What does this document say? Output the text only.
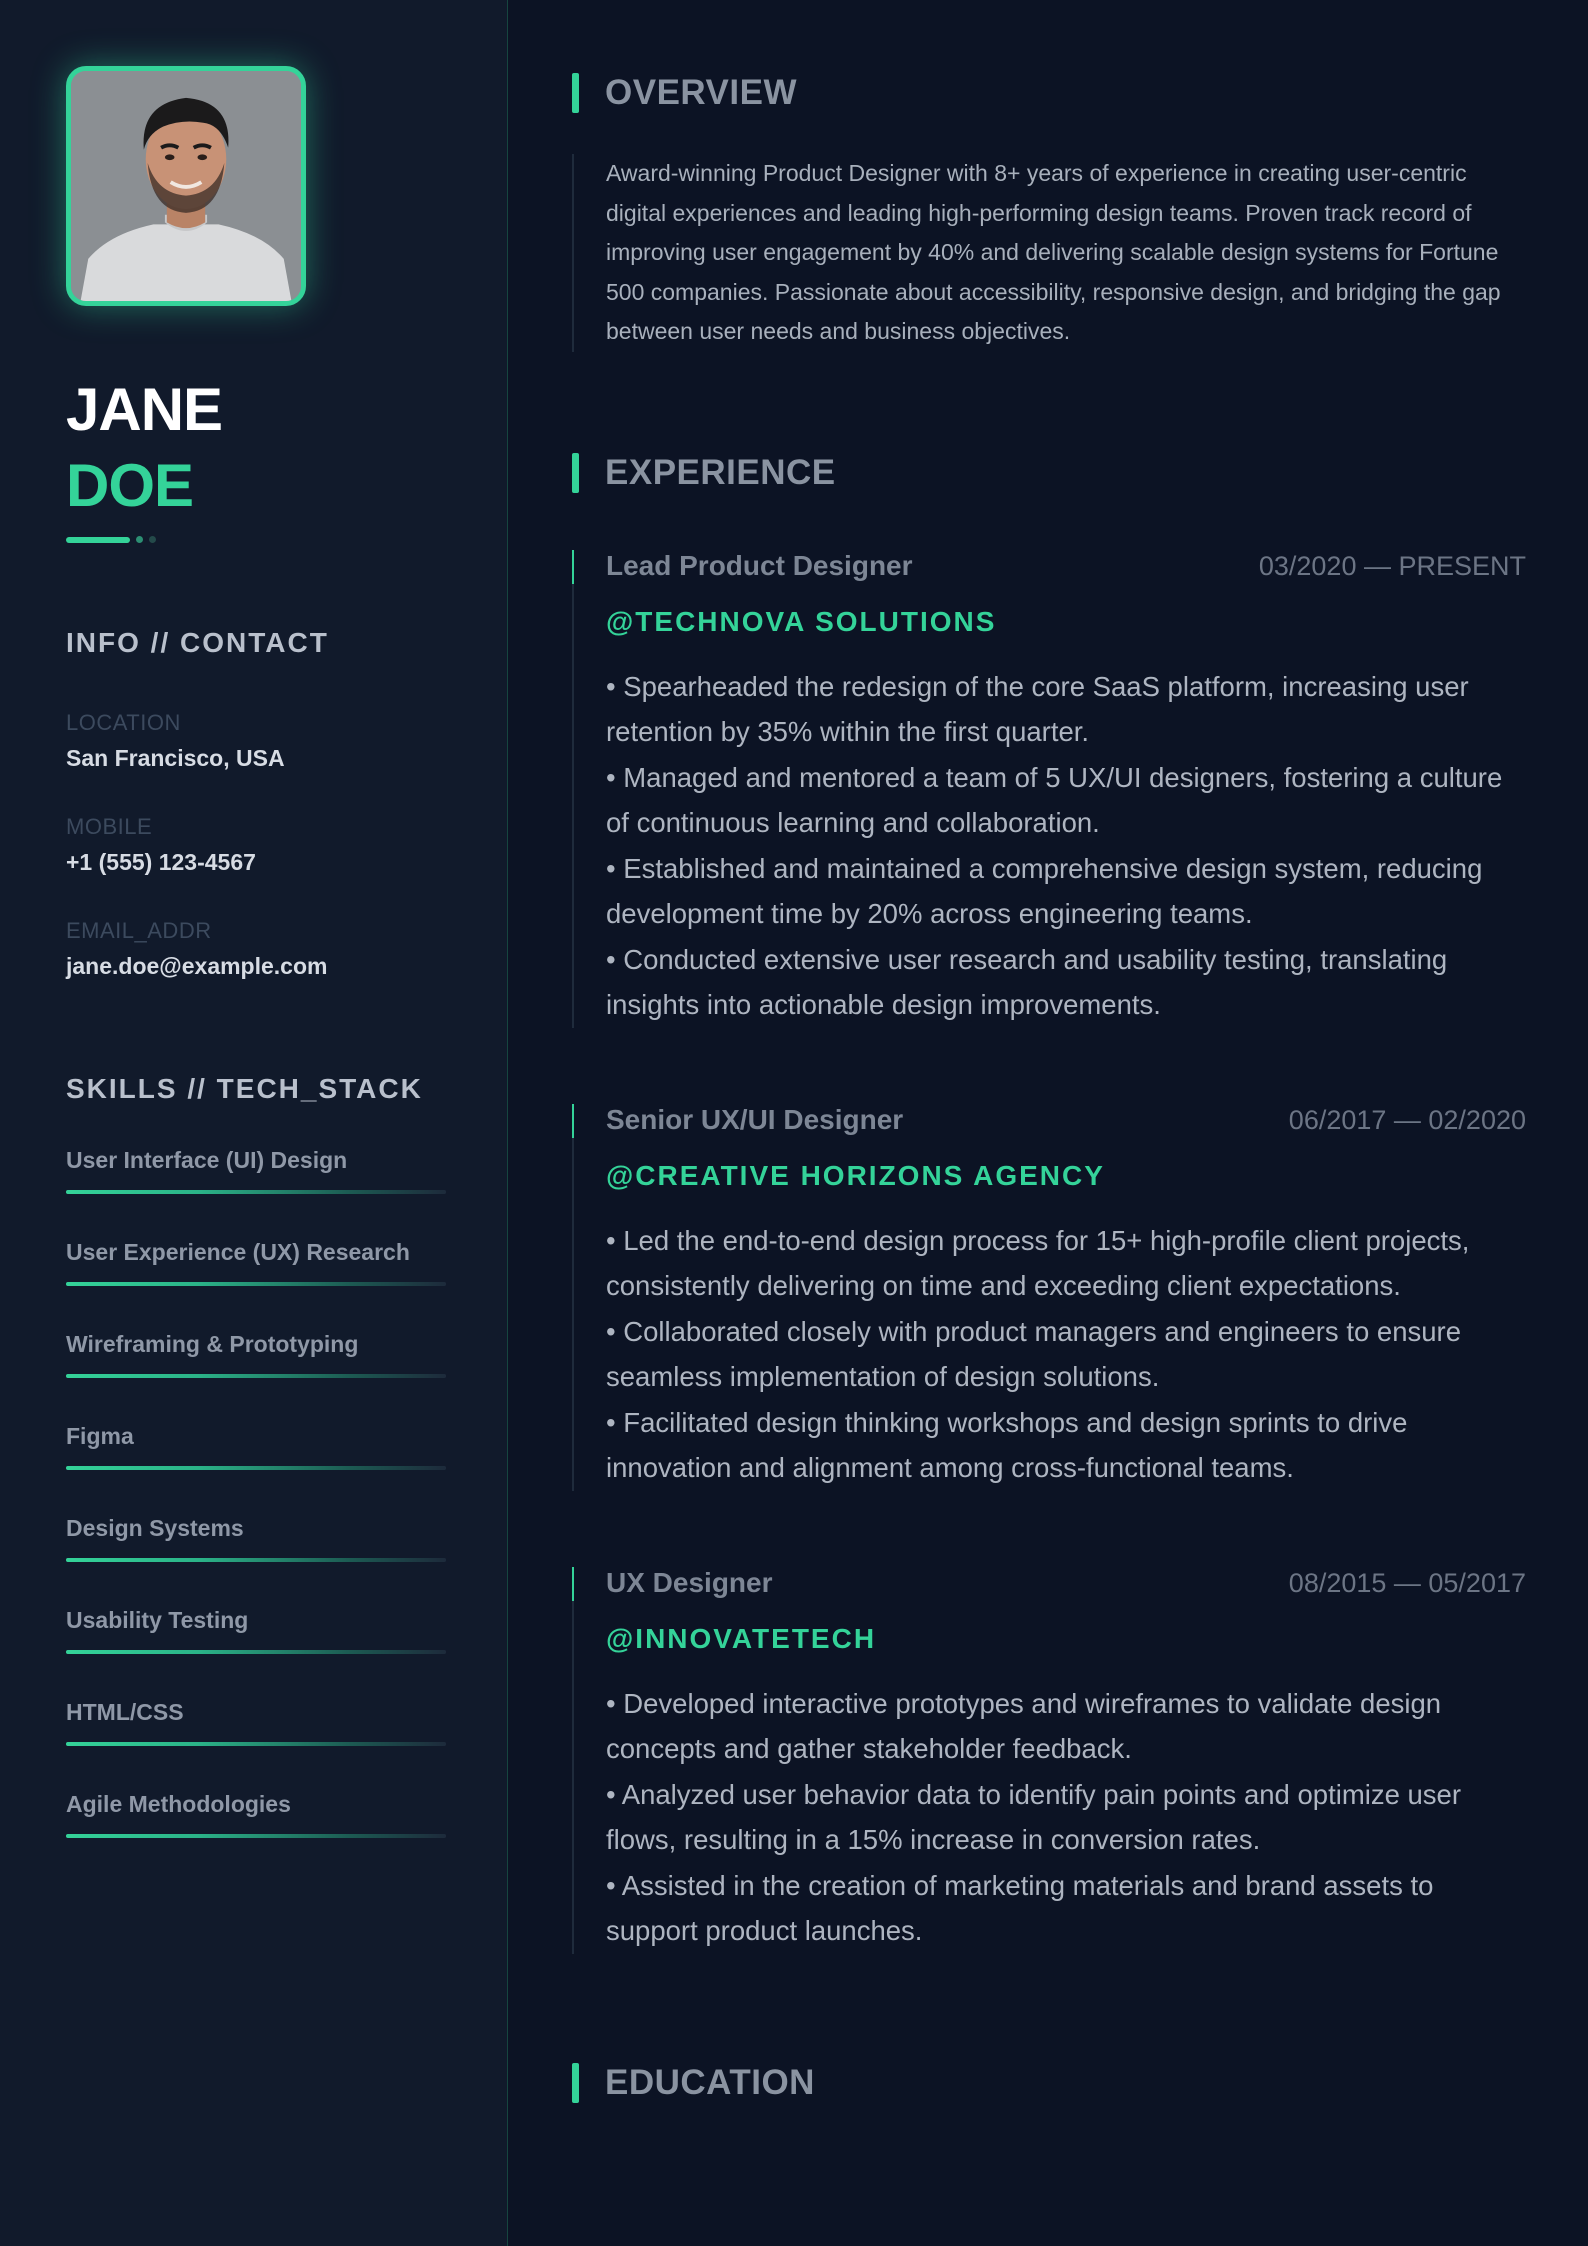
JANE
DOE
INFO // CONTACT
LOCATION
San Francisco, USA
MOBILE
+1 (555) 123-4567
EMAIL_ADDR
jane.doe@example.com
SKILLS // TECH_STACK
User Interface (UI) Design
User Experience (UX) Research
Wireframing & Prototyping
Figma
Design Systems
Usability Testing
HTML/CSS
Agile Methodologies
OVERVIEW

Award-winning Product Designer with 8+ years of experience in creating user-centric digital experiences and leading high-performing design teams. Proven track record of improving user engagement by 40% and delivering scalable design systems for Fortune 500 companies. Passionate about accessibility, responsive design, and bridging the gap between user needs and business objectives.

EXPERIENCE
Lead Product Designer	03/2020 — PRESENT
@TECHNOVA SOLUTIONS
• Spearheaded the redesign of the core SaaS platform, increasing user retention by 35% within the first quarter.
• Managed and mentored a team of 5 UX/UI designers, fostering a culture of continuous learning and collaboration.
• Established and maintained a comprehensive design system, reducing development time by 20% across engineering teams.
• Conducted extensive user research and usability testing, translating insights into actionable design improvements.
Senior UX/UI Designer	06/2017 — 02/2020
@CREATIVE HORIZONS AGENCY
• Led the end-to-end design process for 15+ high-profile client projects, consistently delivering on time and exceeding client expectations.
• Collaborated closely with product managers and engineers to ensure seamless implementation of design solutions.
• Facilitated design thinking workshops and design sprints to drive innovation and alignment among cross-functional teams.
UX Designer	08/2015 — 05/2017
@INNOVATETECH
• Developed interactive prototypes and wireframes to validate design concepts and gather stakeholder feedback.
• Analyzed user behavior data to identify pain points and optimize user flows, resulting in a 15% increase in conversion rates.
• Assisted in the creation of marketing materials and brand assets to support product launches.
EDUCATION
